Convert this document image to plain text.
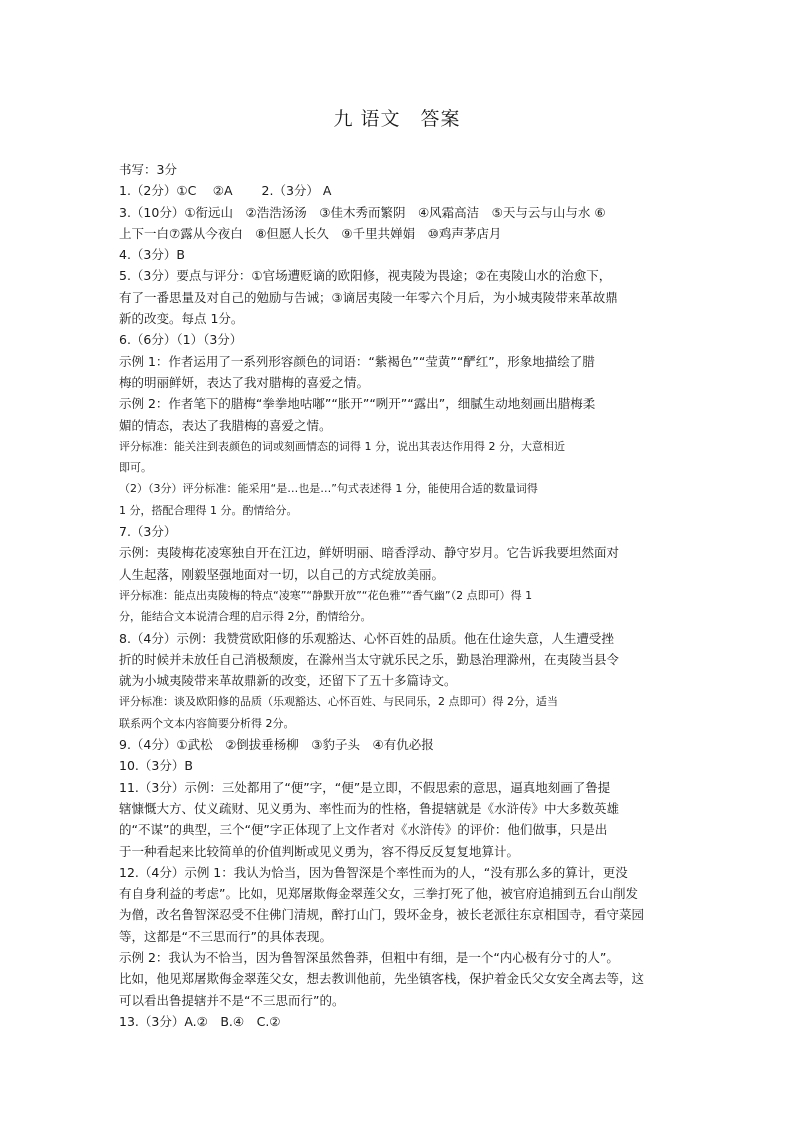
九 语文　答案
书写：3分
1.（2分）①C　 ②A　　 2.（3分） A
3.（10分）①衔远山　②浩浩汤汤　③佳木秀而繁阴　④风霜高洁　⑤天与云与山与水 ⑥
上下一白⑦露从今夜白　⑧但愿人长久　⑨千里共婵娟　⑩鸡声茅店月
4.（3分）B
5.（3分）要点与评分：①官场遭贬谪的欧阳修，视夷陵为畏途；②在夷陵山水的治愈下，
有了一番思量及对自己的勉励与告诫；③谪居夷陵一年零六个月后，为小城夷陵带来革故鼎
新的改变。每点 1分。
6.（6分）（1）（3分）
示例 1：作者运用了一系列形容颜色的词语：“紫褐色”“莹黄”“酽红”，形象地描绘了腊
梅的明丽鲜妍，表达了我对腊梅的喜爱之情。
示例 2：作者笔下的腊梅“拳拳地咕嘟”“胀开”“咧开”“露出”，细腻生动地刻画出腊梅柔
媚的情态，表达了我腊梅的喜爱之情。
评分标准：能关注到表颜色的词或刻画情态的词得 1 分，说出其表达作用得 2 分，大意相近
即可。
（2）（3分）评分标准：能采用“是…也是…”句式表述得 1 分，能使用合适的数量词得
1 分，搭配合理得 1 分。酌情给分。
7.（3分）
示例：夷陵梅花凌寒独自开在江边，鲜妍明丽、暗香浮动、静守岁月。它告诉我要坦然面对
人生起落，刚毅坚强地面对一切，以自己的方式绽放美丽。
评分标准：能点出夷陵梅的特点“凌寒”“静默开放”“花色雅”“香气幽”（2 点即可）得 1
分，能结合文本说清合理的启示得 2分，酌情给分。
8.（4分）示例：我赞赏欧阳修的乐观豁达、心怀百姓的品质。他在仕途失意，人生遭受挫
折的时候并未放任自己消极颓废，在滁州当太守就乐民之乐，勤恳治理滁州，在夷陵当县令
就为小城夷陵带来革故鼎新的改变，还留下了五十多篇诗文。
评分标准：谈及欧阳修的品质（乐观豁达、心怀百姓、与民同乐，2 点即可）得 2分，适当
联系两个文本内容简要分析得 2分。
9.（4分）①武松　②倒拔垂杨柳　③豹子头　④有仇必报
10.（3分）B
11.（3分）示例：三处都用了“便”字，“便”是立即，不假思索的意思，逼真地刻画了鲁提
辖慷慨大方、仗义疏财、见义勇为、率性而为的性格，鲁提辖就是《水浒传》中大多数英雄
的“不谋”的典型，三个“便”字正体现了上文作者对《水浒传》的评价：他们做事，只是出
于一种看起来比较简单的价值判断或见义勇为，容不得反反复复地算计。
12.（4分）示例 1：我认为恰当，因为鲁智深是个率性而为的人，“没有那么多的算计，更没
有自身利益的考虑”。比如，见郑屠欺侮金翠莲父女，三拳打死了他，被官府追捕到五台山削发
为僧，改名鲁智深忍受不住佛门清规，醉打山门，毁坏金身，被长老派往东京相国寺，看守菜园
等，这都是“不三思而行”的具体表现。
示例 2：我认为不恰当，因为鲁智深虽然鲁莽，但粗中有细，是一个“内心极有分寸的人”。
比如，他见郑屠欺侮金翠莲父女，想去教训他前，先坐镇客栈，保护着金氏父女安全离去等，这
可以看出鲁提辖并不是“不三思而行”的。
13.（3分）A.②　B.④　C.②
